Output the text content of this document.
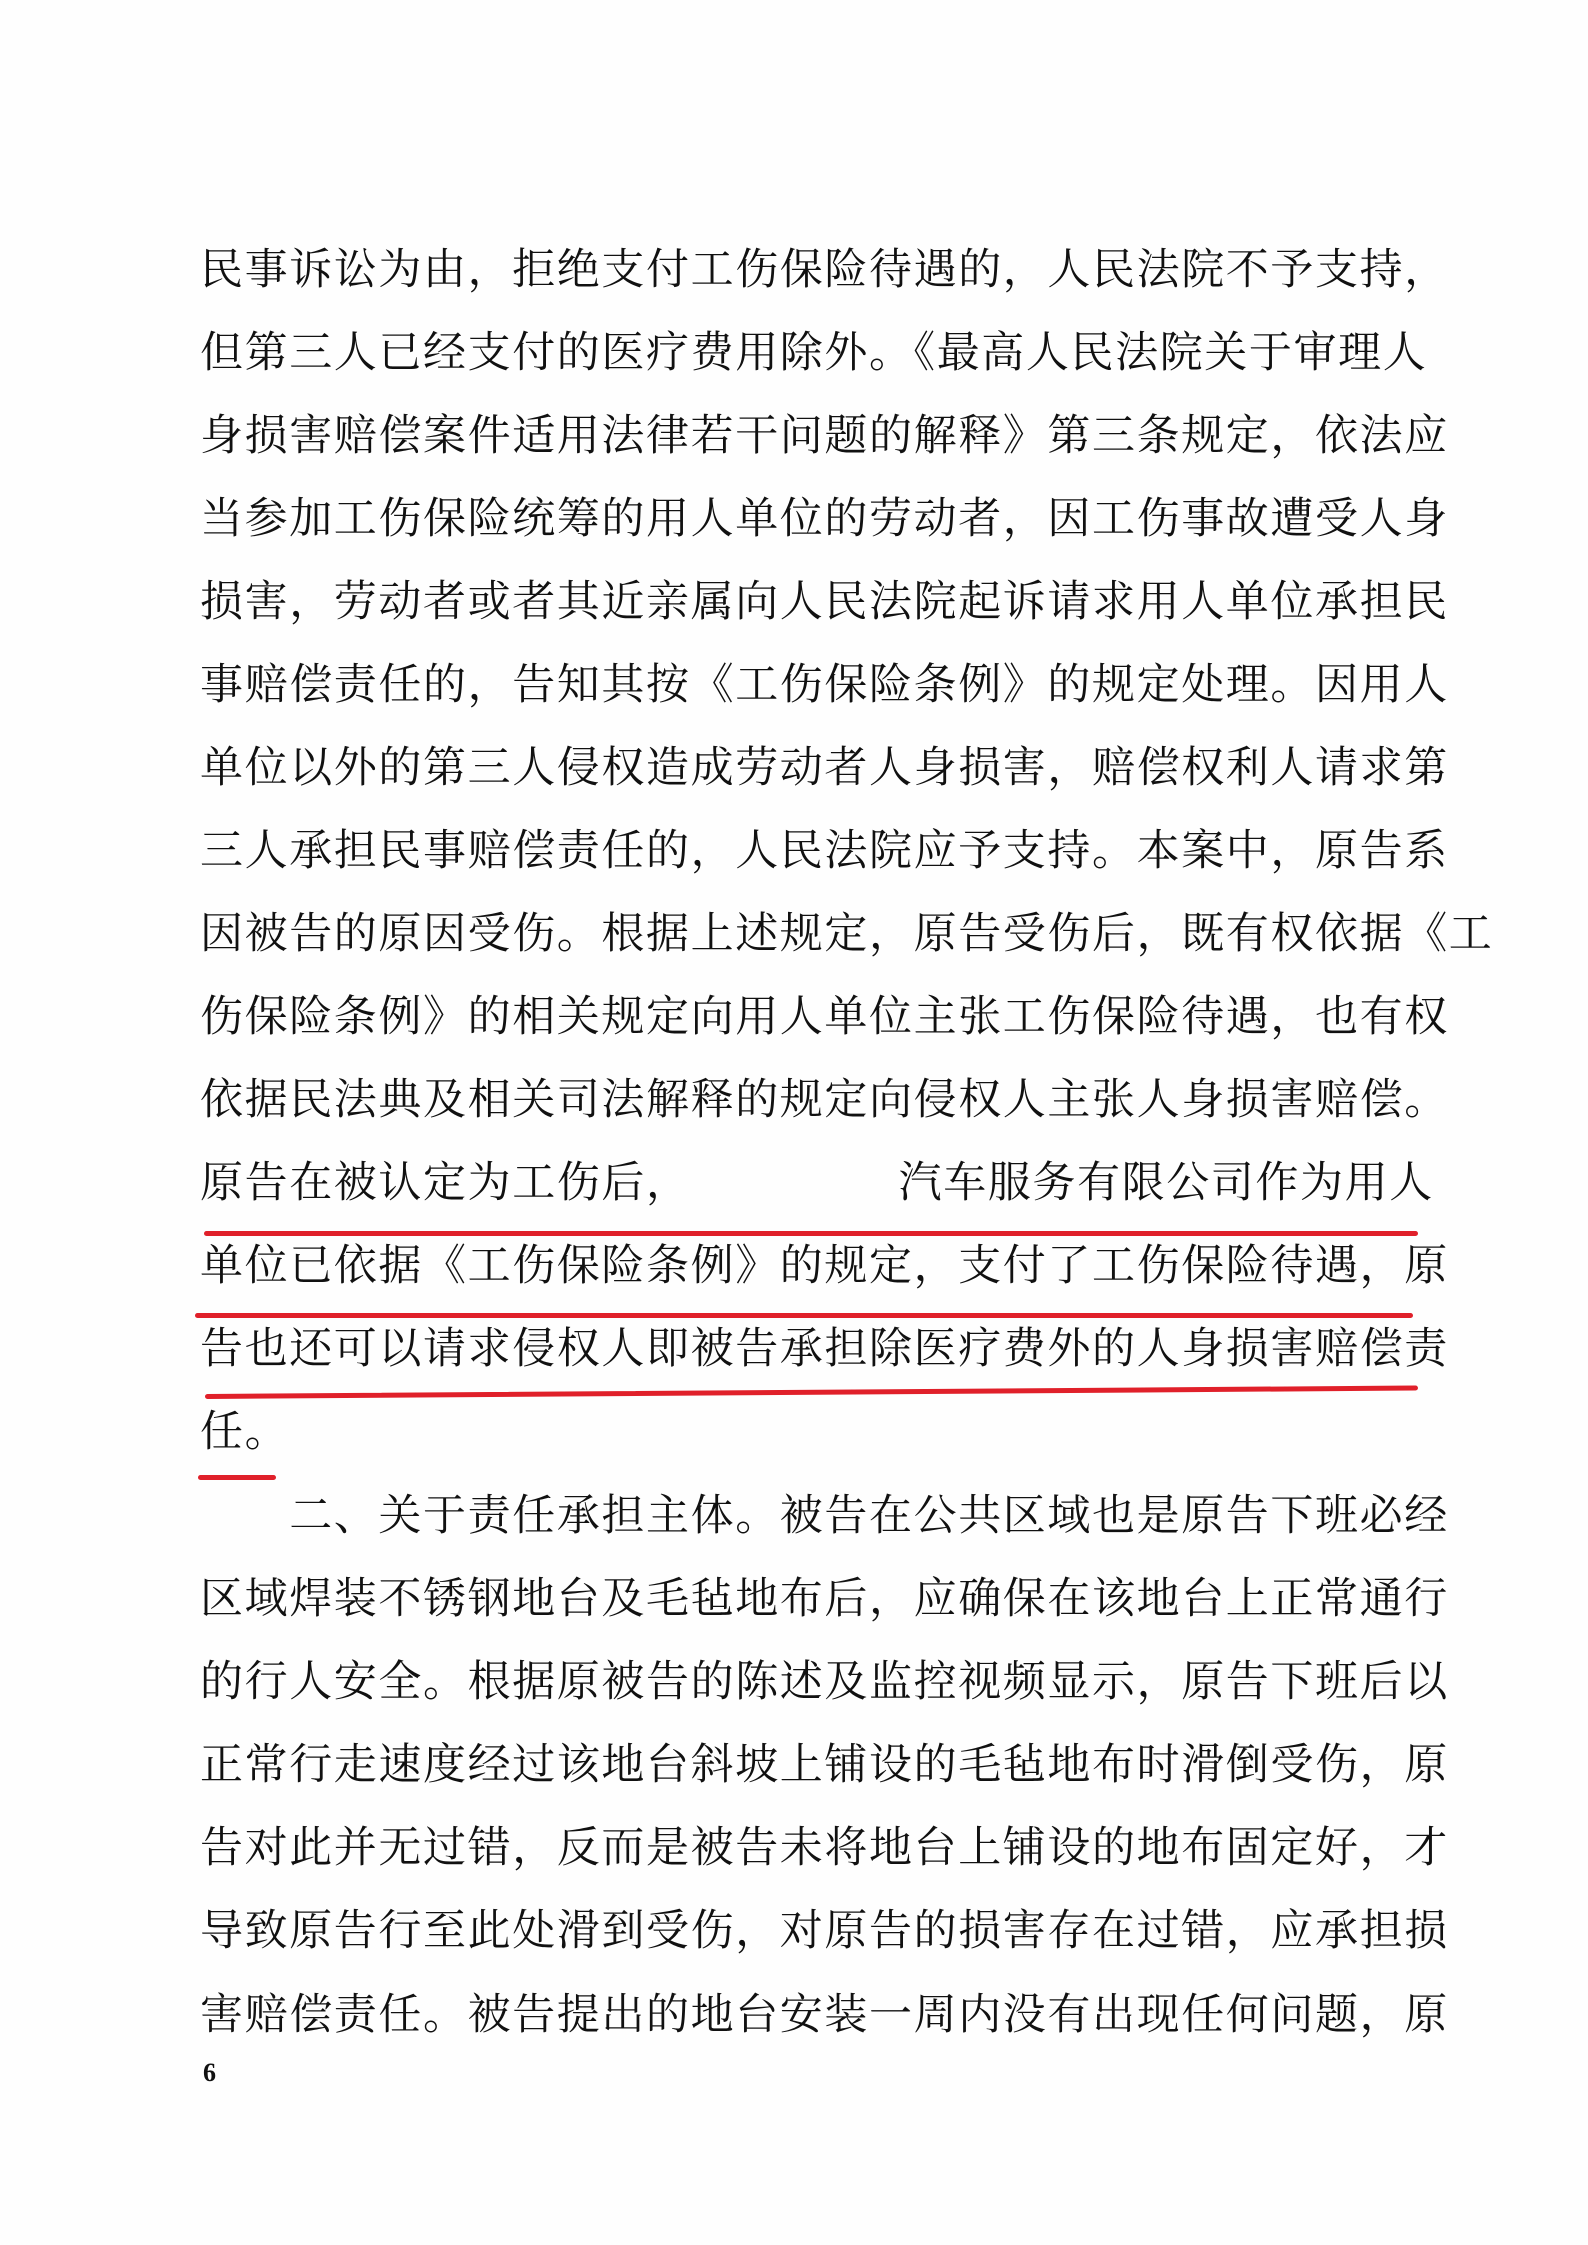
民事诉讼为由，拒绝支付工伤保险待遇的，人民法院不予支持，
但第三人已经支付的医疗费用除外。《最高人民法院关于审理人
身损害赔偿案件适用法律若干问题的解释》第三条规定，依法应
当参加工伤保险统筹的用人单位的劳动者，因工伤事故遭受人身
损害，劳动者或者其近亲属向人民法院起诉请求用人单位承担民
事赔偿责任的，告知其按《工伤保险条例》的规定处理。因用人
单位以外的第三人侵权造成劳动者人身损害，赔偿权利人请求第
三人承担民事赔偿责任的，人民法院应予支持。本案中，原告系
因被告的原因受伤。根据上述规定，原告受伤后，既有权依据《工
伤保险条例》的相关规定向用人单位主张工伤保险待遇，也有权
依据民法典及相关司法解释的规定向侵权人主张人身损害赔偿。
原告在被认定为工伤后，	汽车服务有限公司作为用人
单位已依据《工伤保险条例》的规定，支付了工伤保险待遇，原
告也还可以请求侵权人即被告承担除医疗费外的人身损害赔偿责
任。
　　二、关于责任承担主体。被告在公共区域也是原告下班必经
区域焊装不锈钢地台及毛毡地布后，应确保在该地台上正常通行
的行人安全。根据原被告的陈述及监控视频显示，原告下班后以
正常行走速度经过该地台斜坡上铺设的毛毡地布时滑倒受伤，原
告对此并无过错，反而是被告未将地台上铺设的地布固定好，才
导致原告行至此处滑到受伤，对原告的损害存在过错，应承担损
害赔偿责任。被告提出的地台安装一周内没有出现任何问题，原
6
